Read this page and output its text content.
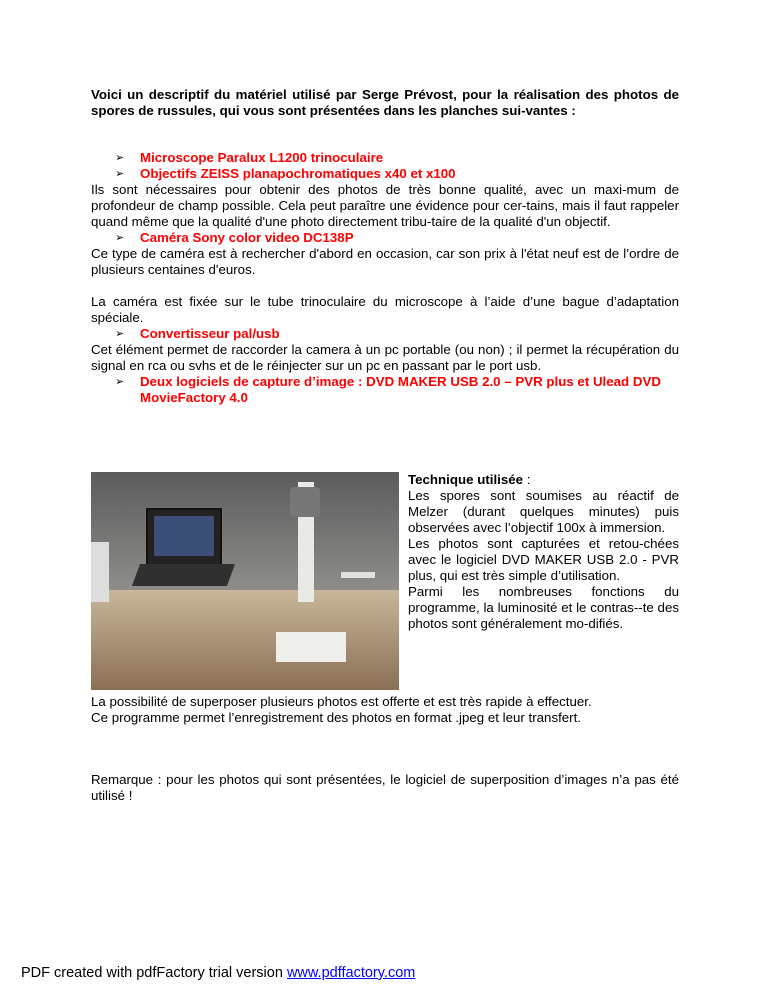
Voici un descriptif du matériel utilisé par Serge Prévost, pour la réalisation des photos de spores de russules, qui vous sont présentées dans les planches sui-vantes :
➢	Microscope Paralux L1200 trinoculaire
➢	Objectifs ZEISS planapochromatiques x40 et x100
Ils sont nécessaires pour obtenir des photos de très bonne qualité, avec un maxi-mum de profondeur de champ possible. Cela peut paraître une évidence pour cer-tains, mais il faut rappeler quand même que la qualité d'une photo directement tribu-taire de la qualité d'un objectif.
➢	Caméra Sony color video DC138P
Ce type de caméra est à rechercher d'abord en occasion, car son prix à l'état neuf est de l’ordre de plusieurs centaines d'euros.
La caméra est fixée sur le tube trinoculaire du microscope à l’aide d’une bague d’adaptation spéciale.
➢	Convertisseur pal/usb
Cet élément permet de raccorder la camera à un pc portable (ou non) ; il permet la récupération du signal en rca ou svhs et de le réinjecter sur un pc en passant par le port usb.
➢	Deux logiciels de capture d’image : DVD MAKER USB 2.0 – PVR plus et Ulead DVD MovieFactory 4.0
Technique utilisée :
Les spores sont soumises au réactif de Melzer (durant quelques minutes) puis observées avec l’objectif 100x à immersion.
Les photos sont capturées et retou-chées avec le logiciel DVD MAKER USB 2.0 - PVR plus, qui est très simple d’utilisation.
Parmi les nombreuses fonctions du programme, la luminosité et le contras--te des photos sont généralement mo-difiés.
La possibilité de superposer plusieurs photos est offerte et est très rapide à effectuer.
Ce programme permet l’enregistrement des photos en format .jpeg et leur transfert.
Remarque : pour les photos qui sont présentées, le logiciel de superposition d’images n’a pas été utilisé !
PDF created with pdfFactory trial version www.pdffactory.com
